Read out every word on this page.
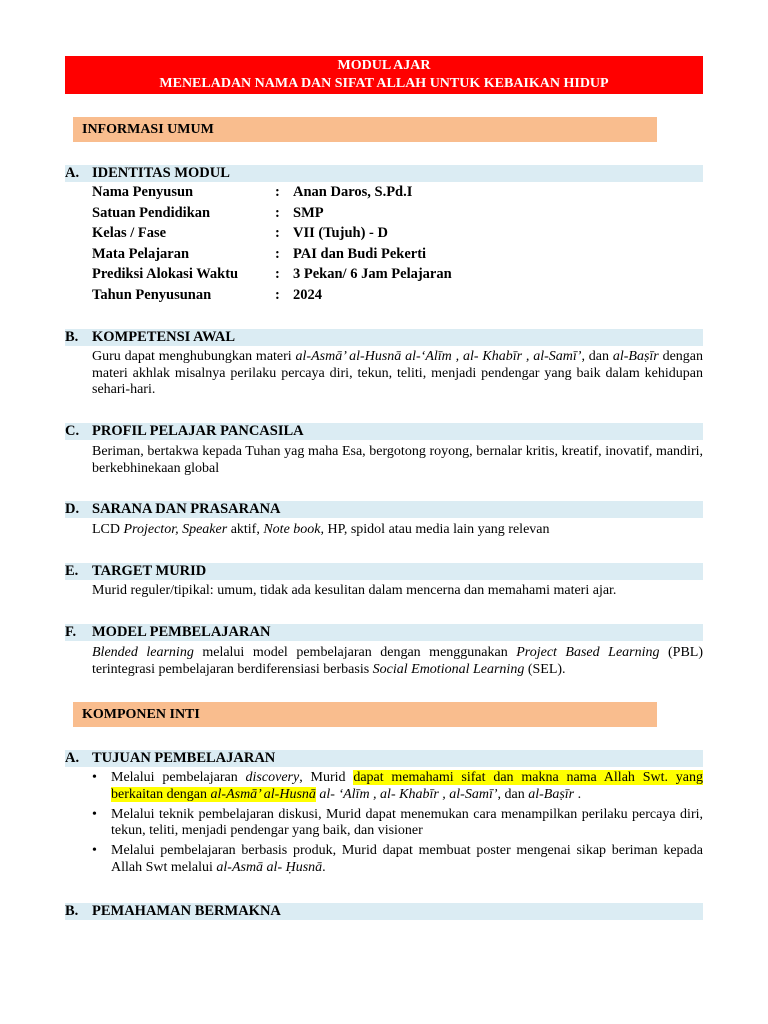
MODUL AJAR
MENELADAN NAMA DAN SIFAT ALLAH UNTUK KEBAIKAN HIDUP
INFORMASI UMUM
A. IDENTITAS MODUL
Nama Penyusun	: Anan Daros, S.Pd.I
Satuan Pendidikan	: SMP
Kelas / Fase	: VII (Tujuh) - D
Mata Pelajaran	: PAI dan Budi Pekerti
Prediksi Alokasi Waktu	: 3 Pekan/ 6 Jam Pelajaran
Tahun Penyusunan	: 2024
B. KOMPETENSI AWAL
Guru dapat menghubungkan materi al-Asmā’ al-Husnā al-‘Alīm , al- Khabīr , al-Samī’, dan al-Baṣīr dengan materi akhlak misalnya perilaku percaya diri, tekun, teliti, menjadi pendengar yang baik dalam kehidupan sehari-hari.
C. PROFIL PELAJAR PANCASILA
Beriman, bertakwa kepada Tuhan yag maha Esa, bergotong royong, bernalar kritis, kreatif, inovatif, mandiri, berkebhinekaan global
D. SARANA DAN PRASARANA
LCD Projector, Speaker aktif, Note book, HP, spidol atau media lain yang relevan
E. TARGET MURID
Murid reguler/tipikal: umum, tidak ada kesulitan dalam mencerna dan memahami materi ajar.
F. MODEL PEMBELAJARAN
Blended learning melalui model pembelajaran dengan menggunakan Project Based Learning (PBL) terintegrasi pembelajaran berdiferensiasi berbasis Social Emotional Learning (SEL).
KOMPONEN INTI
A. TUJUAN PEMBELAJARAN
• Melalui pembelajaran discovery, Murid dapat memahami sifat dan makna nama Allah Swt. yang berkaitan dengan al-Asmā’ al-Husnā al- ‘Alīm , al- Khabīr , al-Samī’, dan al-Baṣīr .
• Melalui teknik pembelajaran diskusi, Murid dapat menemukan cara menampilkan perilaku percaya diri, tekun, teliti, menjadi pendengar yang baik, dan visioner
• Melalui pembelajaran berbasis produk, Murid dapat membuat poster mengenai sikap beriman kepada Allah Swt melalui al-Asmā al- Ḥusnā.
B. PEMAHAMAN BERMAKNA
